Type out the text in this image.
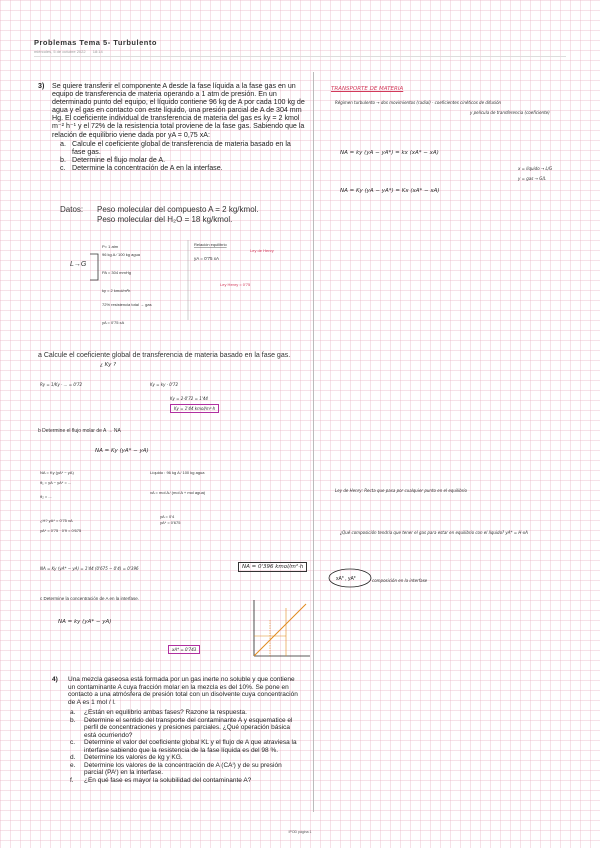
Problemas Tema 5- Turbulento
miércoles, 5 de octubre 2022 18:14
3) Se quiere transferir el componente A desde la fase líquida a la fase gas en un equipo de transferencia de materia operando a 1 atm de presión. En un determinado punto del equipo, el líquido contiene 96 kg de A por cada 100 kg de agua y el gas en contacto con este líquido, una presión parcial de A de 304 mm Hg. El coeficiente individual de transferencia de materia del gas es ky = 2 kmol m⁻² h⁻¹ y el 72% de la resistencia total proviene de la fase gas. Sabiendo que la relación de equilibrio viene dada por yA = 0,75 xA:
a. Calcule el coeficiente global de transferencia de materia basado en la fase gas.
b. Determine el flujo molar de A.
c. Determine la concentración de A en la interfase.
Datos: Peso molecular del compuesto A = 2 kg/kmol.
Peso molecular del H₂O = 18 kg/kmol.
L→G
P= 1 atm
96 kg A ⁄ 100 kg agua
PA = 304 mmHg
ky = 2 kmol/m²h
72% resistencia total → gas
yA = 0'75 xA
Relación equilibrio
yA = 0'75 xA
Ley de Henry
Ley Henry = 0'75
a Calcule el coeficiente global de transferencia de materia basado en la fase gas.
¿ Ky ?
Ry = 1/Ky · ... = 0'72	Ky = ky · 0'72
Ky = 2·0'72 = 1'44
Ky = 1'44 kmol/m²·h
b Determine el flujo molar de A → NA
NA = Ky (yA* − yA)
NA = Ky (yA* − yA)
θ₁ = yA − yA* = ...
θ₂ = ...
¿H? yA* = 0'75 xA
yA* = 0'75 · 0'9 = 0'675
Líquido : 96 kg A ⁄ 100 kg agua
xA = mol A ⁄ (mol A + mol agua)
yA = 0'4
yA* = 0'675
NA = Ky (yA* − yA) = 1'44 (0'675 − 0'4) = 0'396	NA = 0'396 kmol/m²·h
c Determine la concentración de A en la interfase.
NA = ky (yA* − yA)
xA* = 0'743
TRANSPORTE DE MATERIA
Régimen turbulento → dos movimientos (radial) · coeficientes cinéticos de difusión
y película de transferencia (coeficiente)
NA = ky (yA − yA*) = kx (xA* − xA)
NA = Ky (yA − yA*) = Kx (xA* − xA)
x = líquido → L/G
y = gas → G/L
Ley de Henry: Recta que pasa por cualquier punto en el equilibrio
¿Qué composición tendría que tener el gas para estar en equilibrio con el líquido? yA* = H·xA
composición en la interfase
xA* , yA*
4) Una mezcla gaseosa está formada por un gas inerte no soluble y que contiene un contaminante A cuya fracción molar en la mezcla es del 10%. Se pone en contacto a una atmósfera de presión total con un disolvente cuya concentración de A es 1 mol / l.
a. ¿Están en equilibrio ambas fases? Razone la respuesta.
b. Determine el sentido del transporte del contaminante A y esquematice el perfil de concentraciones y presiones parciales. ¿Qué operación básica está ocurriendo?
c. Determine el valor del coeficiente global KL y el flujo de A que atraviesa la interfase sabiendo que la resistencia de la fase líquida es del 98 %.
d. Determine los valores de kg y KG.
e. Determine los valores de la concentración de A (CAⁱ) y de su presión parcial (PAⁱ) en la interfase.
f. ¿En qué fase es mayor la solubilidad del contaminante A?
IPOD página 1
